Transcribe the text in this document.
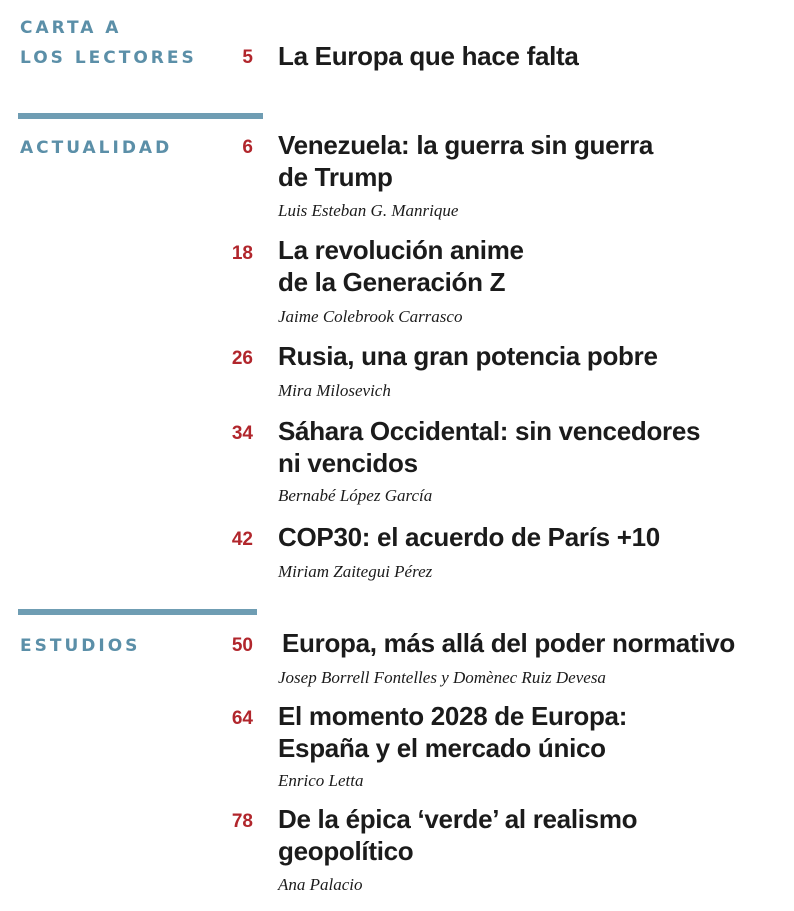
CARTA A
LOS LECTORES	5 La Europa que hace falta
ACTUALIDAD	6 Venezuela: la guerra sin guerra
de Trump
Luis Esteban G. Manrique
18 La revolución anime
de la Generación Z
Jaime Colebrook Carrasco
26 Rusia, una gran potencia pobre
Mira Milosevich
34 Sáhara Occidental: sin vencedores
ni vencidos
Bernabé López García
42 COP30: el acuerdo de París +10
Miriam Zaitegui Pérez
ESTUDIOS	50 Europa, más allá del poder normativo
Josep Borrell Fontelles y Domènec Ruiz Devesa
64 El momento 2028 de Europa:
España y el mercado único
Enrico Letta
78 De la épica ‘verde’ al realismo
geopolítico
Ana Palacio
